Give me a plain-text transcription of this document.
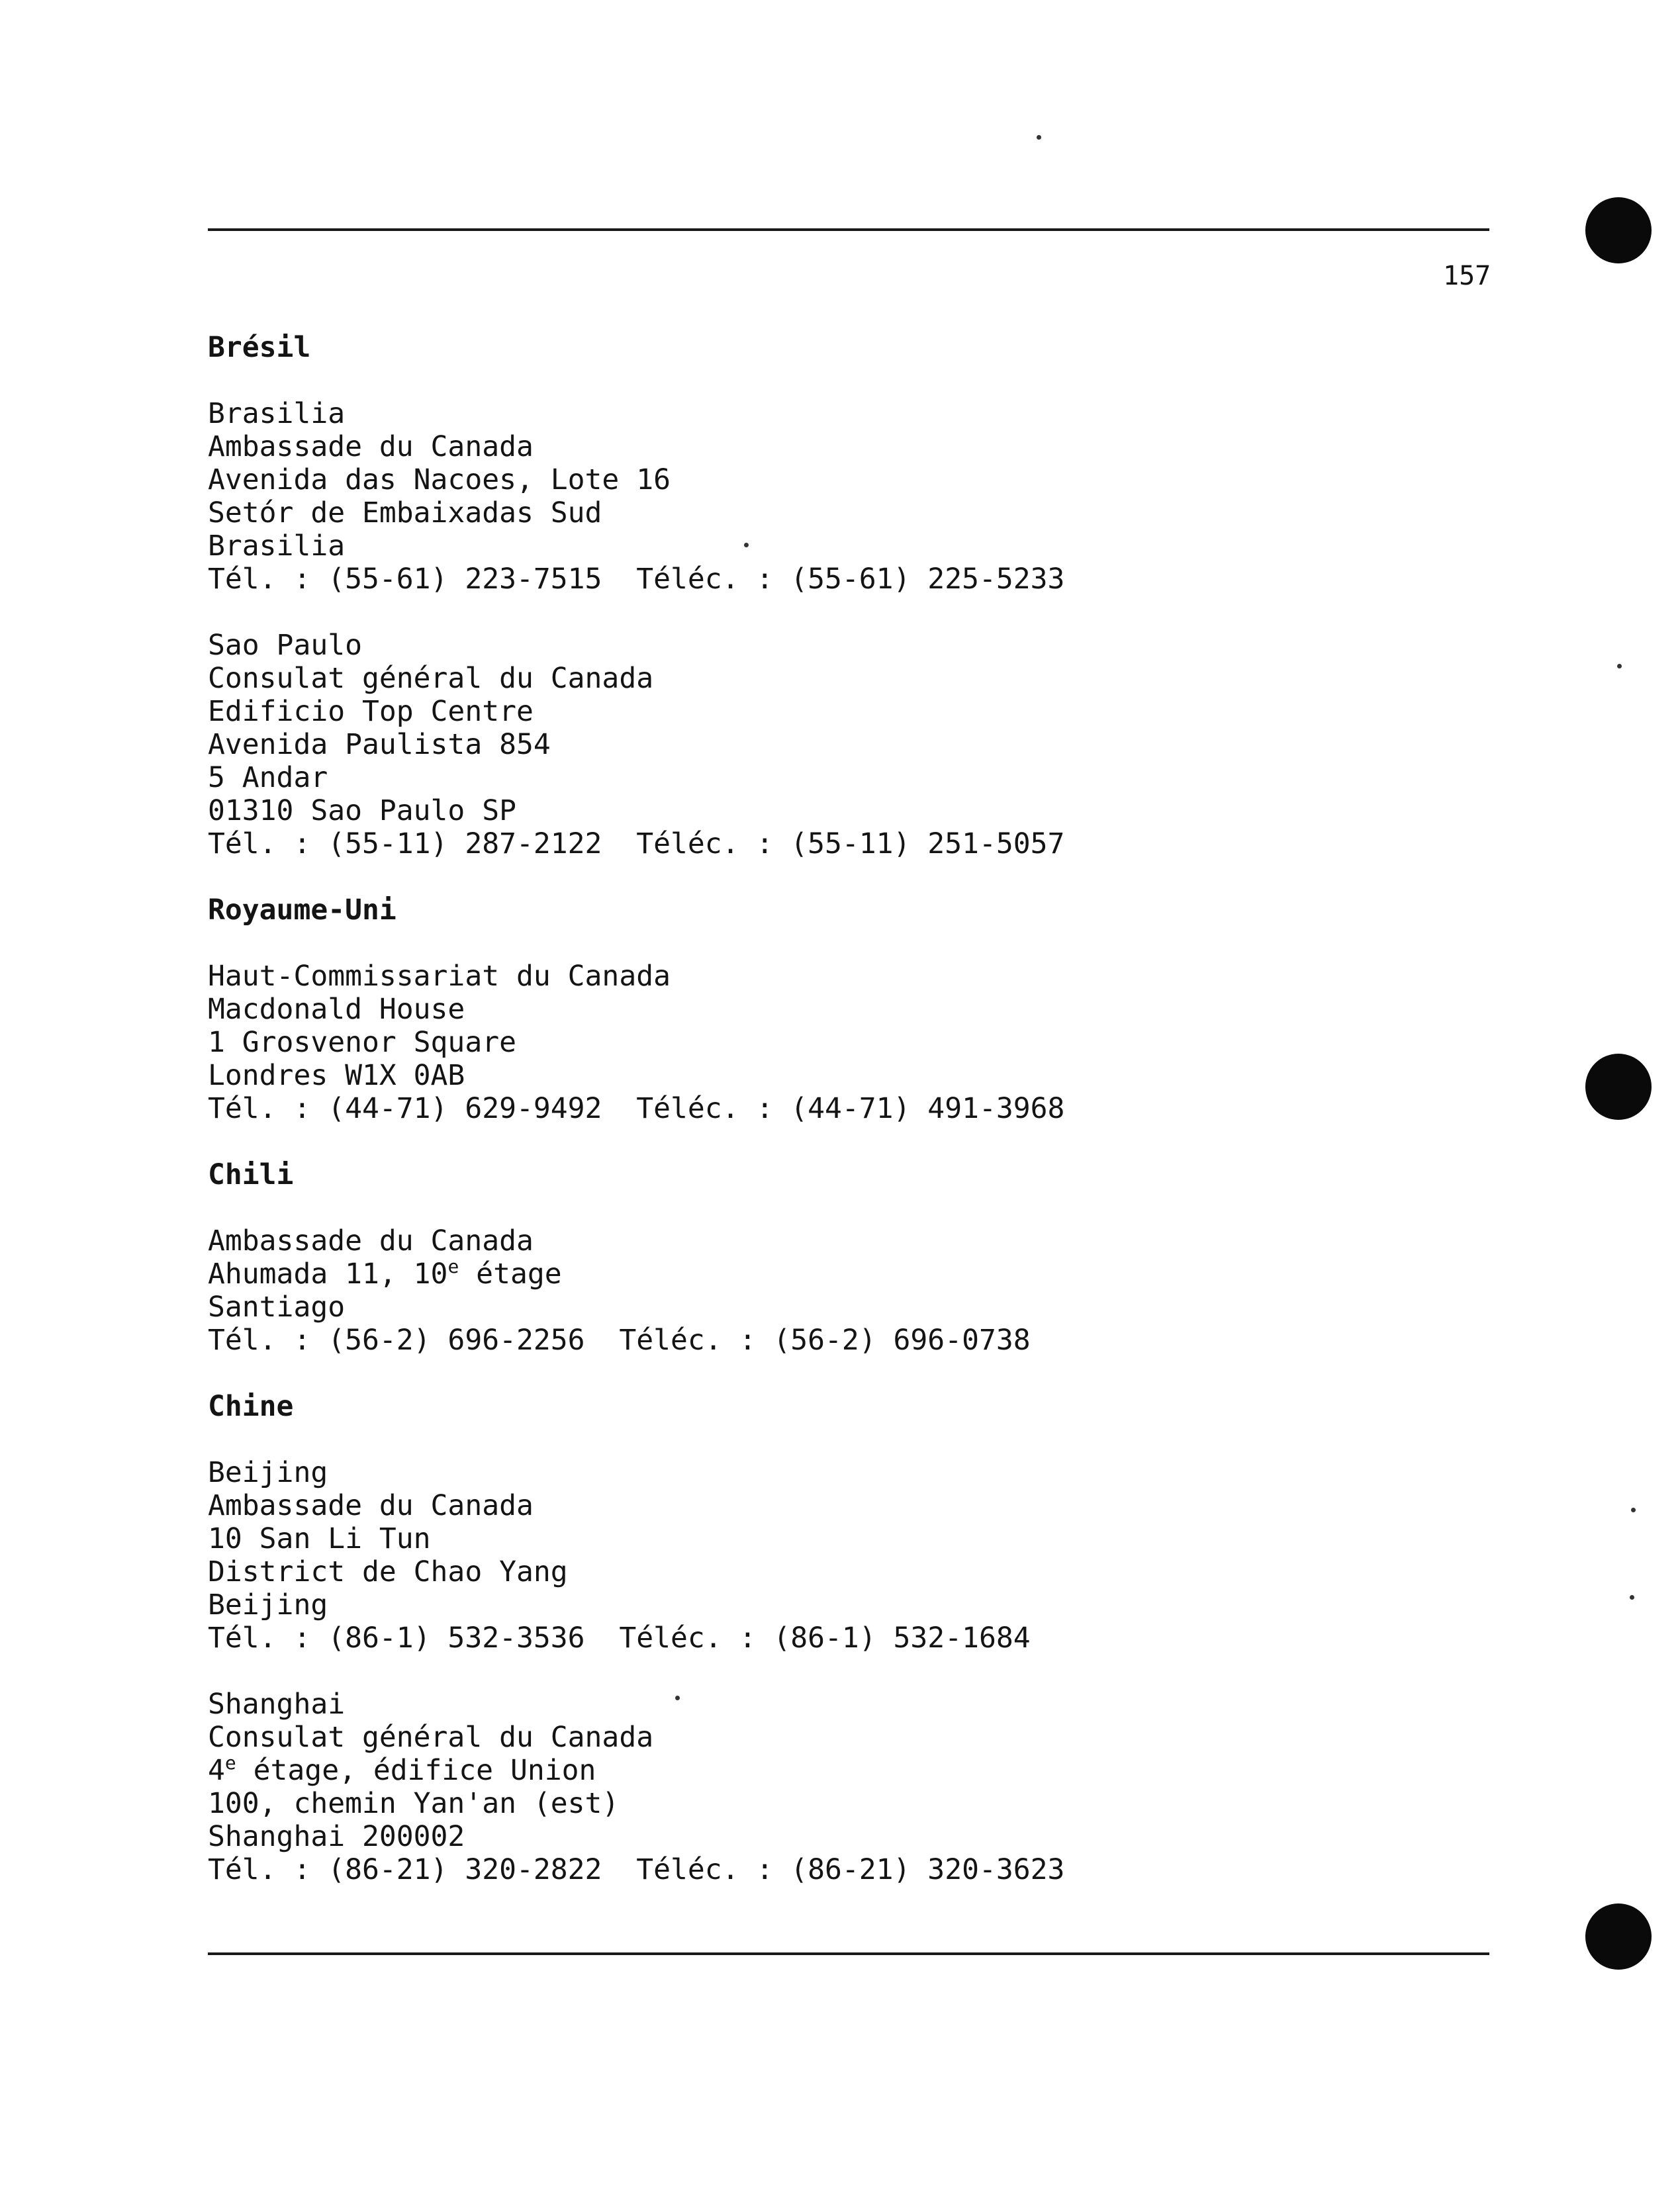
157
Brésil
Brasilia
Ambassade du Canada
Avenida das Nacoes, Lote 16
Setór de Embaixadas Sud
Brasilia
Tél. : (55-61) 223-7515  Téléc. : (55-61) 225-5233
Sao Paulo
Consulat général du Canada
Edificio Top Centre
Avenida Paulista 854
5 Andar
01310 Sao Paulo SP
Tél. : (55-11) 287-2122  Téléc. : (55-11) 251-5057
Royaume-Uni
Haut-Commissariat du Canada
Macdonald House
1 Grosvenor Square
Londres W1X 0AB
Tél. : (44-71) 629-9492  Téléc. : (44-71) 491-3968
Chili
Ambassade du Canada
Ahumada 11, 10e étage
Santiago
Tél. : (56-2) 696-2256  Téléc. : (56-2) 696-0738
Chine
Beijing
Ambassade du Canada
10 San Li Tun
District de Chao Yang
Beijing
Tél. : (86-1) 532-3536  Téléc. : (86-1) 532-1684
Shanghai
Consulat général du Canada
4e étage, édifice Union
100, chemin Yan'an (est)
Shanghai 200002
Tél. : (86-21) 320-2822  Téléc. : (86-21) 320-3623
